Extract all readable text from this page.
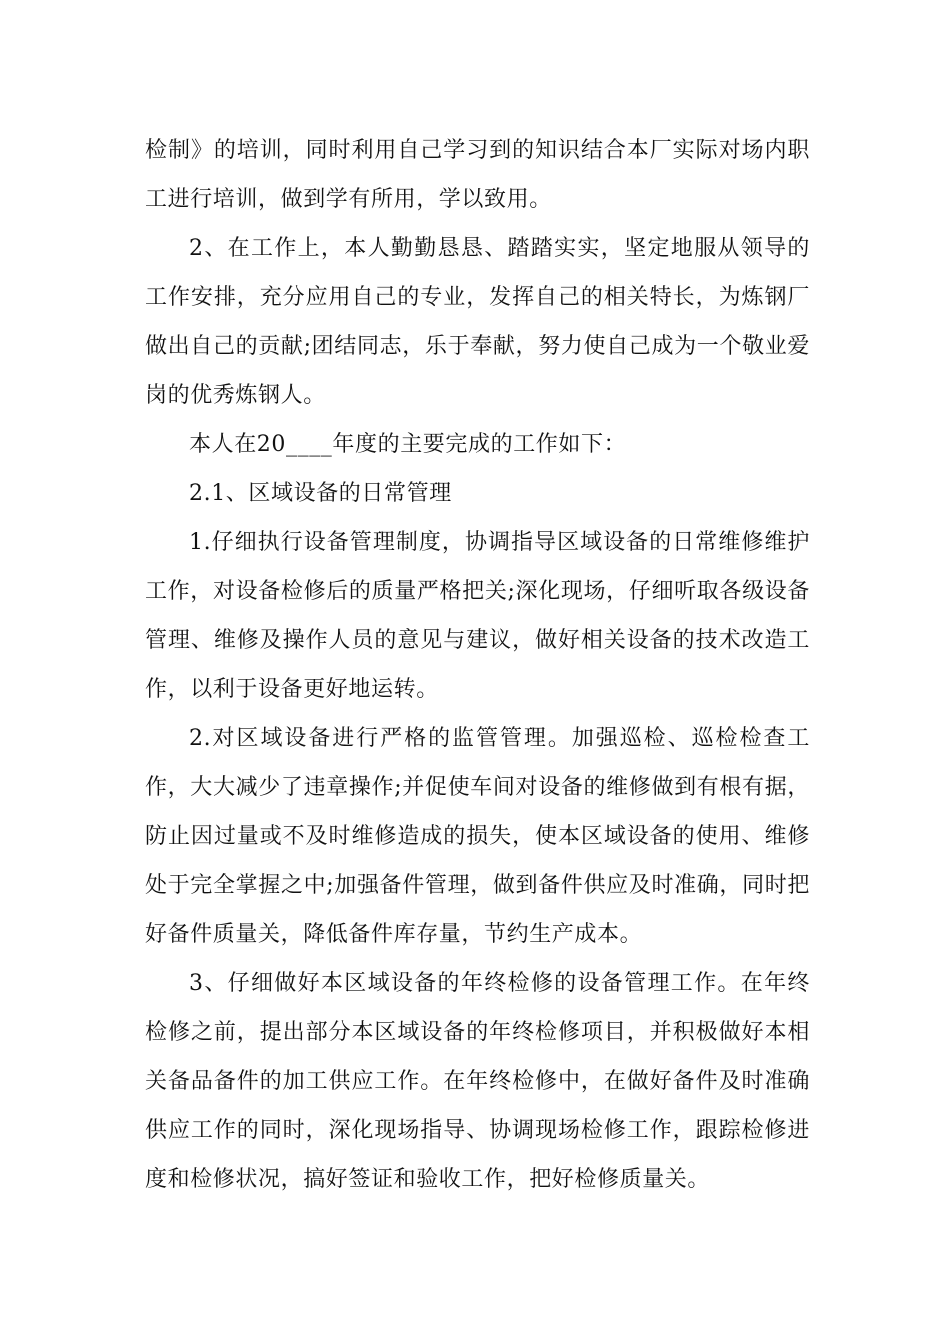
检制》的培训，同时利用自己学习到的知识结合本厂实际对场内职工进行培训，做到学有所用，学以致用。

2、在工作上，本人勤勤恳恳、踏踏实实，坚定地服从领导的工作安排，充分应用自己的专业，发挥自己的相关特长，为炼钢厂做出自己的贡献;团结同志，乐于奉献，努力使自己成为一个敬业爱岗的优秀炼钢人。

本人在20____年度的主要完成的工作如下：

2.1、区域设备的日常管理

1.仔细执行设备管理制度，协调指导区域设备的日常维修维护工作，对设备检修后的质量严格把关;深化现场，仔细听取各级设备管理、维修及操作人员的意见与建议，做好相关设备的技术改造工作，以利于设备更好地运转。

2.对区域设备进行严格的监管管理。加强巡检、巡检检查工作，大大减少了违章操作;并促使车间对设备的维修做到有根有据，防止因过量或不及时维修造成的损失，使本区域设备的使用、维修处于完全掌握之中;加强备件管理，做到备件供应及时准确，同时把好备件质量关，降低备件库存量，节约生产成本。

3、仔细做好本区域设备的年终检修的设备管理工作。在年终检修之前，提出部分本区域设备的年终检修项目，并积极做好本相关备品备件的加工供应工作。在年终检修中，在做好备件及时准确供应工作的同时，深化现场指导、协调现场检修工作，跟踪检修进度和检修状况，搞好签证和验收工作，把好检修质量关。
